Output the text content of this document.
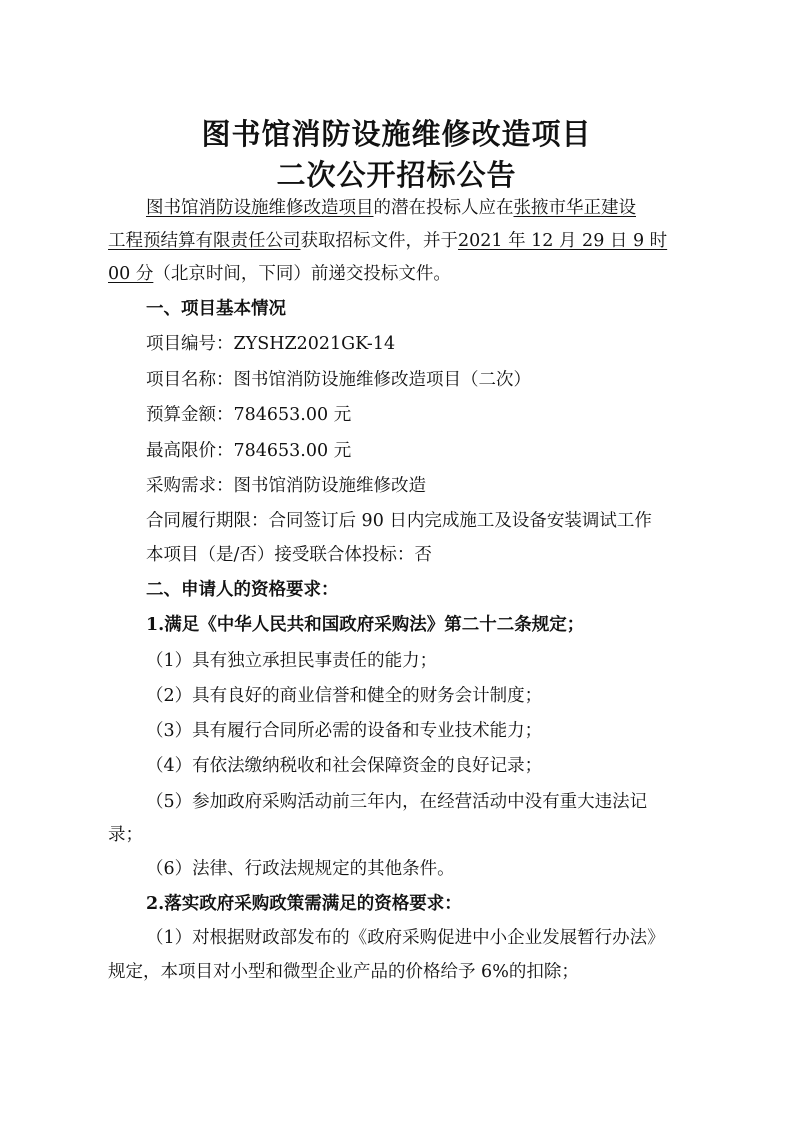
图书馆消防设施维修改造项目
二次公开招标公告
图书馆消防设施维修改造项目的潜在投标人应在张掖市华正建设
工程预结算有限责任公司获取招标文件，并于2021 年 12 月 29 日 9 时
00 分（北京时间，下同）前递交投标文件。
一、项目基本情况
项目编号：ZYSHZ2021GK-14
项目名称：图书馆消防设施维修改造项目（二次）
预算金额：784653.00 元
最高限价：784653.00 元
采购需求：图书馆消防设施维修改造
合同履行期限：合同签订后 90 日内完成施工及设备安装调试工作
本项目（是/否）接受联合体投标：否
二、申请人的资格要求：
1.满足《中华人民共和国政府采购法》第二十二条规定；
（1）具有独立承担民事责任的能力；
（2）具有良好的商业信誉和健全的财务会计制度；
（3）具有履行合同所必需的设备和专业技术能力；
（4）有依法缴纳税收和社会保障资金的良好记录；
（5）参加政府采购活动前三年内，在经营活动中没有重大违法记
录；
（6）法律、行政法规规定的其他条件。
2.落实政府采购政策需满足的资格要求：
（1）对根据财政部发布的《政府采购促进中小企业发展暂行办法》
规定，本项目对小型和微型企业产品的价格给予 6%的扣除；
